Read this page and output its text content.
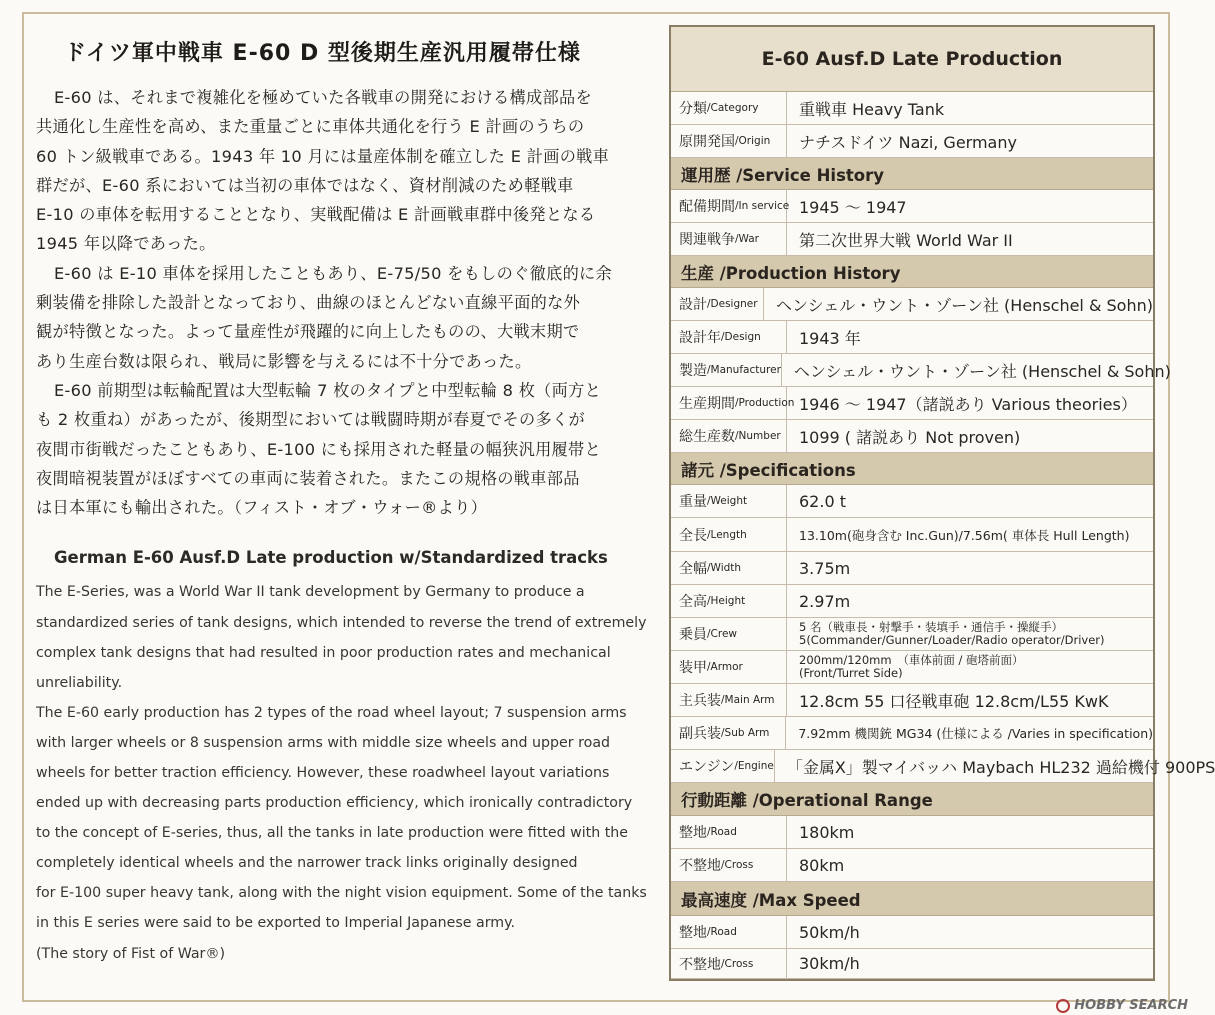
ドイツ軍中戦車 E-60 D 型後期生産汎用履帯仕様

E-60 は、それまで複雑化を極めていた各戦車の開発における構成部品を

共通化し生産性を高め、また重量ごとに車体共通化を行う E 計画のうちの

60 トン級戦車である。1943 年 10 月には量産体制を確立した E 計画の戦車

群だが、E-60 系においては当初の車体ではなく、資材削減のため軽戦車

E-10 の車体を転用することとなり、実戦配備は E 計画戦車群中後発となる

1945 年以降であった。

E-60 は E-10 車体を採用したこともあり、E-75/50 をもしのぐ徹底的に余

剰装備を排除した設計となっており、曲線のほとんどない直線平面的な外

観が特徴となった。よって量産性が飛躍的に向上したものの、大戦末期で

あり生産台数は限られ、戦局に影響を与えるには不十分であった。

E-60 前期型は転輪配置は大型転輪 7 枚のタイプと中型転輪 8 枚（両方と

も 2 枚重ね）があったが、後期型においては戦闘時期が春夏でその多くが

夜間市街戦だったこともあり、E-100 にも採用された軽量の幅狭汎用履帯と

夜間暗視装置がほぼすべての車両に装着された。またこの規格の戦車部品

は日本軍にも輸出された。（フィスト・オブ・ウォー®より）

German E-60 Ausf.D Late production w/Standardized tracks

The E-Series, was a World War II tank development by Germany to produce a

standardized series of tank designs, which intended to reverse the trend of extremely

complex tank designs that had resulted in poor production rates and mechanical

unreliability.

The E-60 early production has 2 types of the road wheel layout; 7 suspension arms

with larger wheels or 8 suspension arms with middle size wheels and upper road

wheels for better traction efficiency. However, these roadwheel layout variations

ended up with decreasing parts production efficiency, which ironically contradictory

to the concept of E-series, thus, all the tanks in late production were fitted with the

completely identical wheels and the narrower track links originally designed

for E-100 super heavy tank, along with the night vision equipment. Some of the tanks

in this E series were said to be exported to Imperial Japanese army.

(The story of Fist of War®)

E-60 Ausf.D Late Production
分類 /Category	重戦車 Heavy Tank
原開発国 /Origin ナチスドイツ Nazi, Germany
運用歴 /Service History
配備期間 /In service 1945 ～ 1947
関連戦争 /War	第二次世界大戦 World War II
生産 /Production History
設計 /Designer ヘンシェル・ウント・ゾーン社 (Henschel & Sohn)
設計年 /Design 1943 年
製造 /Manufacturer ヘンシェル・ウント・ゾーン社 (Henschel & Sohn)
生産期間 /Production 1946 ～ 1947（諸説あり Various theories）
総生産数 /Number 1099 ( 諸説あり Not proven)
諸元 /Specifications
重量 /Weight	62.0 t
全長 /Length	13.10m(砲身含む Inc.Gun)/7.56m( 車体長 Hull Length)
全幅 /Width	3.75m
全高 /Height	2.97m
乗員 /Crew	5 名（戦車長・射撃手・装填手・通信手・操縦手）
5(Commander/Gunner/Loader/Radio operator/Driver)
装甲 /Armor	200mm/120mm　（車体前面 / 砲塔前面）
(Front/Turret Side)
主兵装 /Main Arm 12.8cm 55 口径戦車砲 12.8cm/L55 KwK
副兵装 /Sub Arm 7.92mm 機関銃 MG34 (仕様による /Varies in specification)
エンジン /Engine 「金属X」製マイバッハ Maybach HL232 過給機付 900PS
行動距離 /Operational Range
整地 /Road	180km
不整地 /Cross	80km
最高速度 /Max Speed
整地 /Road	50km/h
不整地 /Cross	30km/h
HOBBY SEARCH
